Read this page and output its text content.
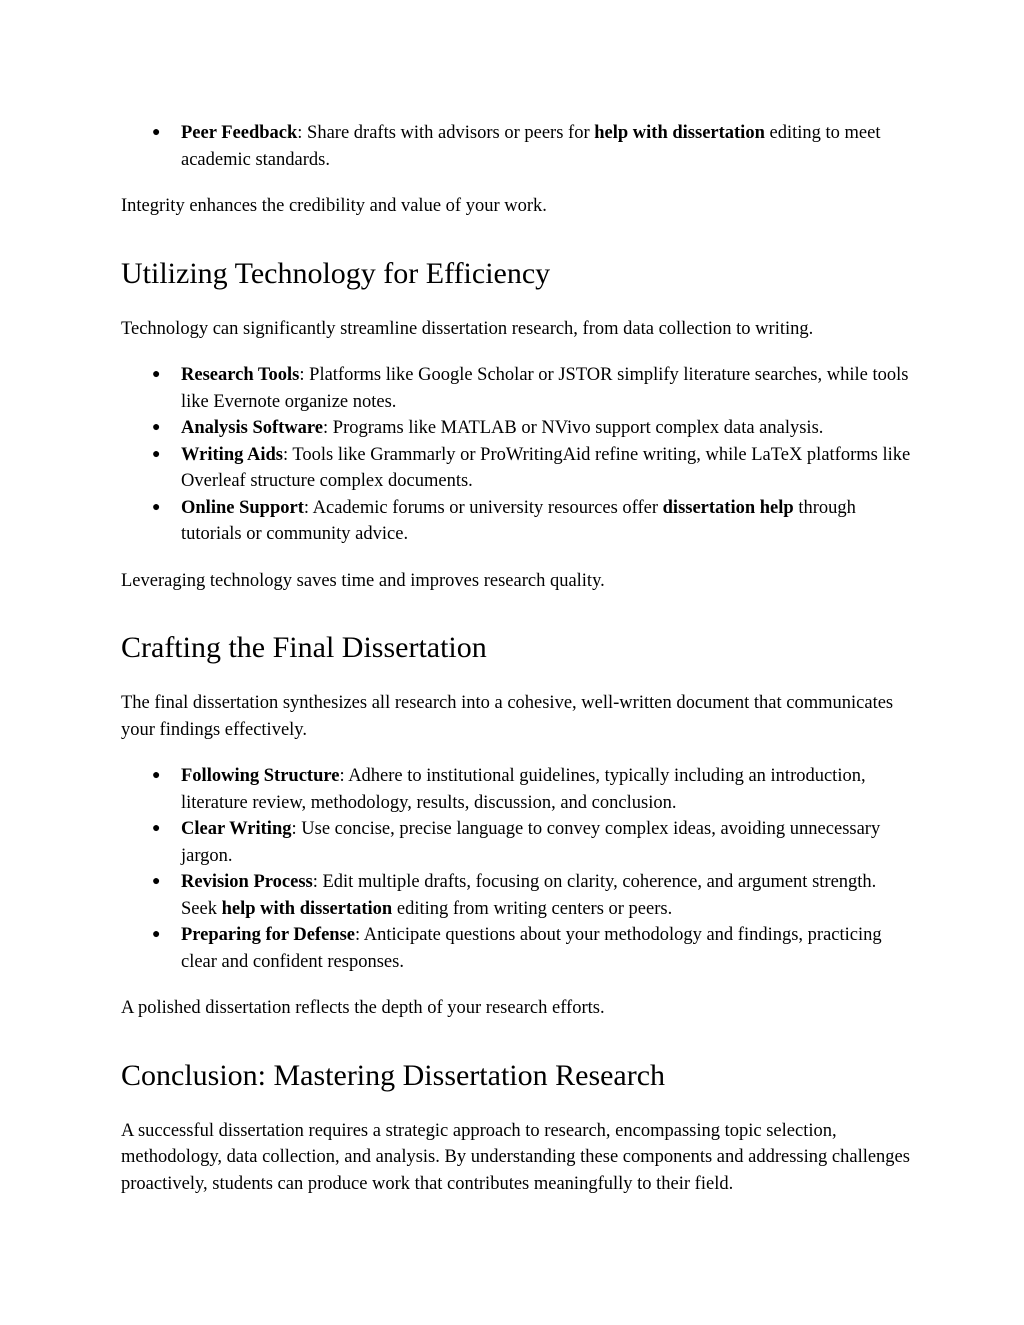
● Peer Feedback: Share drafts with advisors or peers for help with dissertation editing to meet academic standards.

Integrity enhances the credibility and value of your work.

Utilizing Technology for Efficiency

Technology can significantly streamline dissertation research, from data collection to writing.

● Research Tools: Platforms like Google Scholar or JSTOR simplify literature searches, while tools like Evernote organize notes.
● Analysis Software: Programs like MATLAB or NVivo support complex data analysis.
● Writing Aids: Tools like Grammarly or ProWritingAid refine writing, while LaTeX platforms like Overleaf structure complex documents.
● Online Support: Academic forums or university resources offer dissertation help through tutorials or community advice.

Leveraging technology saves time and improves research quality.

Crafting the Final Dissertation

The final dissertation synthesizes all research into a cohesive, well-written document that communicates your findings effectively.

● Following Structure: Adhere to institutional guidelines, typically including an introduction, literature review, methodology, results, discussion, and conclusion.
● Clear Writing: Use concise, precise language to convey complex ideas, avoiding unnecessary jargon.
● Revision Process: Edit multiple drafts, focusing on clarity, coherence, and argument strength. Seek help with dissertation editing from writing centers or peers.
● Preparing for Defense: Anticipate questions about your methodology and findings, practicing clear and confident responses.

A polished dissertation reflects the depth of your research efforts.

Conclusion: Mastering Dissertation Research

A successful dissertation requires a strategic approach to research, encompassing topic selection, methodology, data collection, and analysis. By understanding these components and addressing challenges proactively, students can produce work that contributes meaningfully to their field.
